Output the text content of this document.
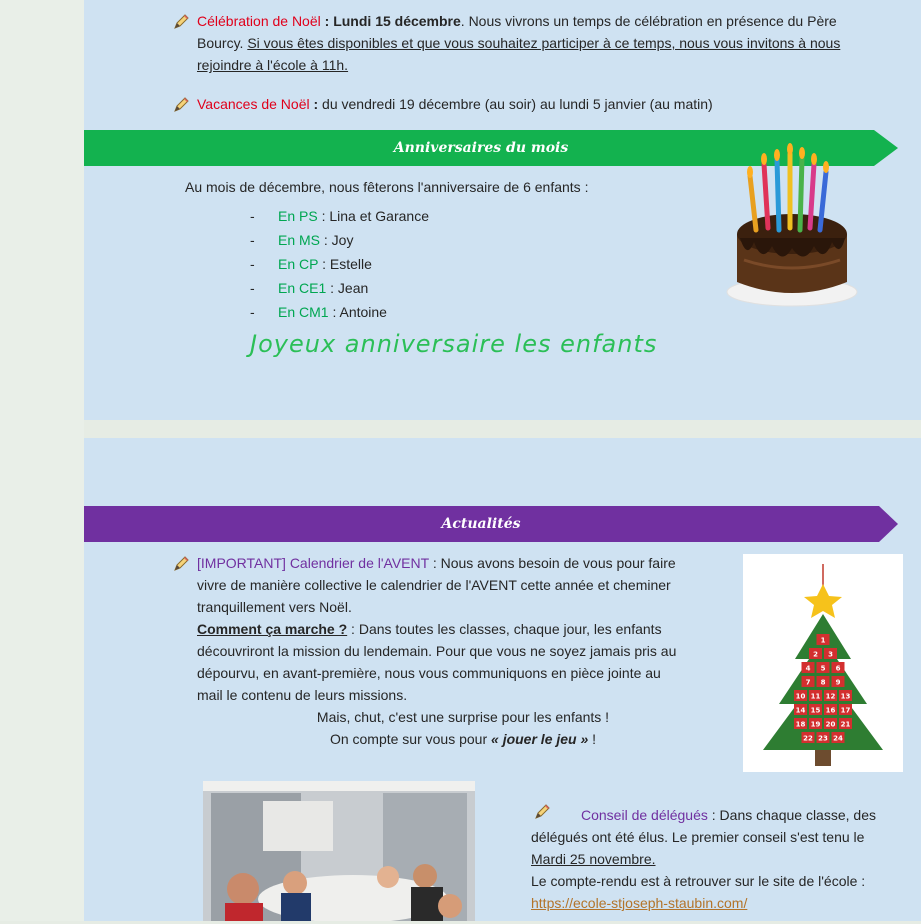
Célébration de Noël : Lundi 15 décembre. Nous vivrons un temps de célébration en présence du Père
Bourcy. Si vous êtes disponibles et que vous souhaitez participer à ce temps, nous vous invitons à nous
rejoindre à l'école à 11h.
Vacances de Noël : du vendredi 19 décembre (au soir) au lundi 5 janvier (au matin)
Anniversaires du mois
Au mois de décembre, nous fêterons l'anniversaire de 6 enfants :
- En PS : Lina et Garance
- En MS : Joy
- En CP : Estelle
- En CE1 : Jean
- En CM1 : Antoine
Joyeux anniversaire les enfants
Actualités
[IMPORTANT] Calendrier de l'AVENT : Nous avons besoin de vous pour faire
vivre de manière collective le calendrier de l'AVENT cette année et cheminer
tranquillement vers Noël.
Comment ça marche ? : Dans toutes les classes, chaque jour, les enfants
découvriront la mission du lendemain. Pour que vous ne soyez jamais pris au
dépourvu, en avant-première, nous vous communiquons en pièce jointe au
mail le contenu de leurs missions.
Mais, chut, c'est une surprise pour les enfants !
On compte sur vous pour « jouer le jeu » !
1
2 3
4 5 6
7 8 9
10 11 12 13
14 15 16 17
18 19 20 21
22 23 24
Conseil de délégués : Dans chaque classe, des
délégués ont été élus. Le premier conseil s'est tenu le
Mardi 25 novembre.
Le compte-rendu est à retrouver sur le site de l'école :
https://ecole-stjoseph-staubin.com/
